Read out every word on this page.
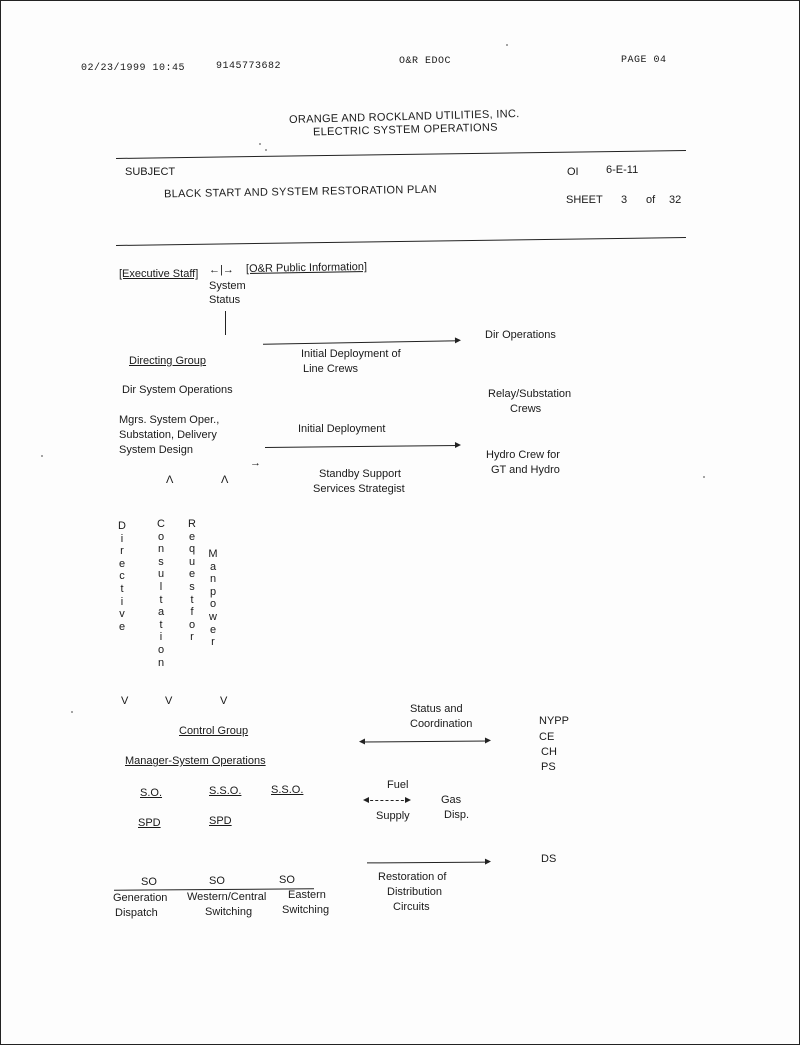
02/23/1999 10:45	9145773682	O&R EDOC	PAGE 04
ORANGE AND ROCKLAND UTILITIES, INC.
ELECTRIC SYSTEM OPERATIONS
SUBJECT
BLACK START AND SYSTEM RESTORATION PLAN
OI 6-E-11
SHEET 3 of 32
[Executive Staff] ←|→ [O&R Public Information]
System
Status
Dir Operations
Directing Group
Initial Deployment of
Line Crews
Dir System Operations	Relay/Substation
Crews
Mgrs. System Oper.,
Substation, Delivery
System Design
Initial Deployment
Hydro Crew for
GT and Hydro
→
Standby Support
Services Strategist
Λ	Λ
D
i
r
e
c
t
i
v
e
C
o
n
s
u
l
t
a
t
i
o
n
R
e
q
u
e
s
t
f
o
r
M
a
n
p
o
w
e
r
V	V	V
Status and
Coordination
Control Group
NYPP
CE
CH
PS
Manager-System Operations
Fuel
S.O.	S.S.O.	S.S.O.
Gas
Supply	Disp.
SPD	SPD
DS
Restoration of
Distribution
Circuits
SO	SO	SO
Generation
Dispatch
Western/Central
Switching
Eastern
Switching
